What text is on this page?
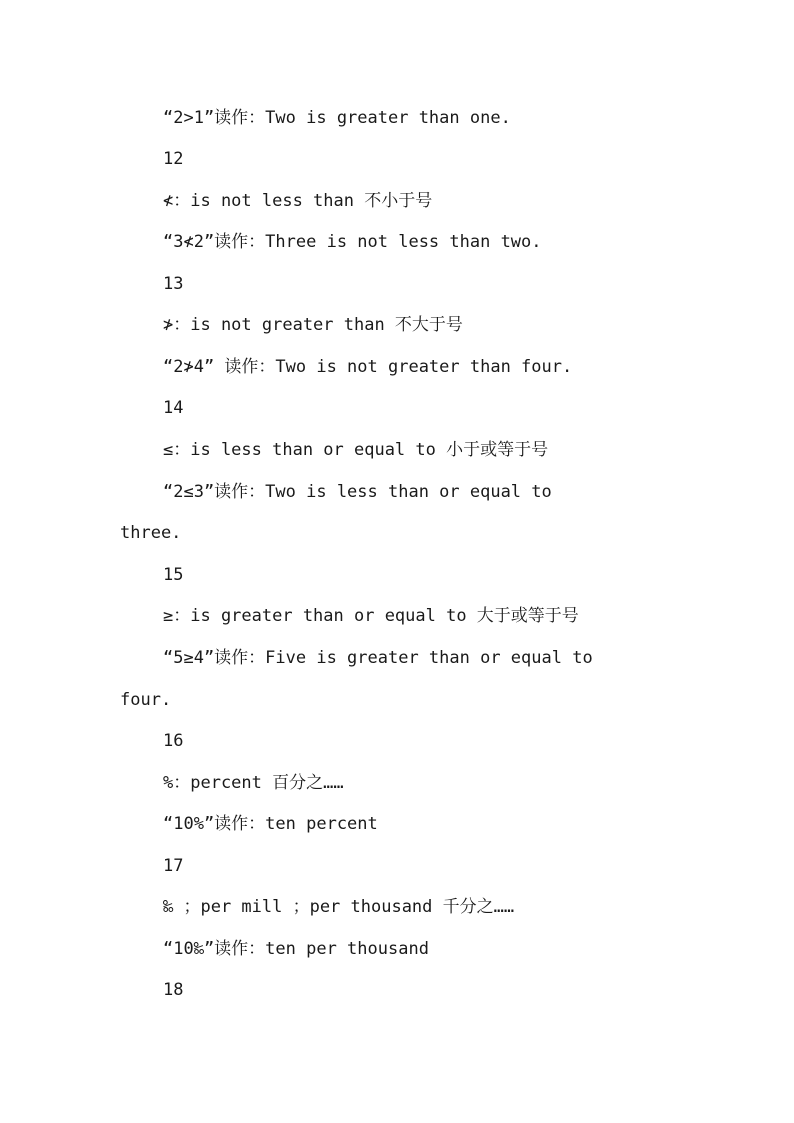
“2>1”读作：Two is greater than one.
12
≮：is not less than 不小于号
“3≮2”读作：Three is not less than two.
13
≯：is not greater than 不大于号
“2≯4” 读作：Two is not greater than four.
14
≤：is less than or equal to 小于或等于号
“2≤3”读作：Two is less than or equal to
three.
15
≥：is greater than or equal to 大于或等于号
“5≥4”读作：Five is greater than or equal to
four.
16
%：percent 百分之……
“10%”读作：ten percent
17
‰ ；per mill ；per thousand 千分之……
“10‰”读作：ten per thousand
18
